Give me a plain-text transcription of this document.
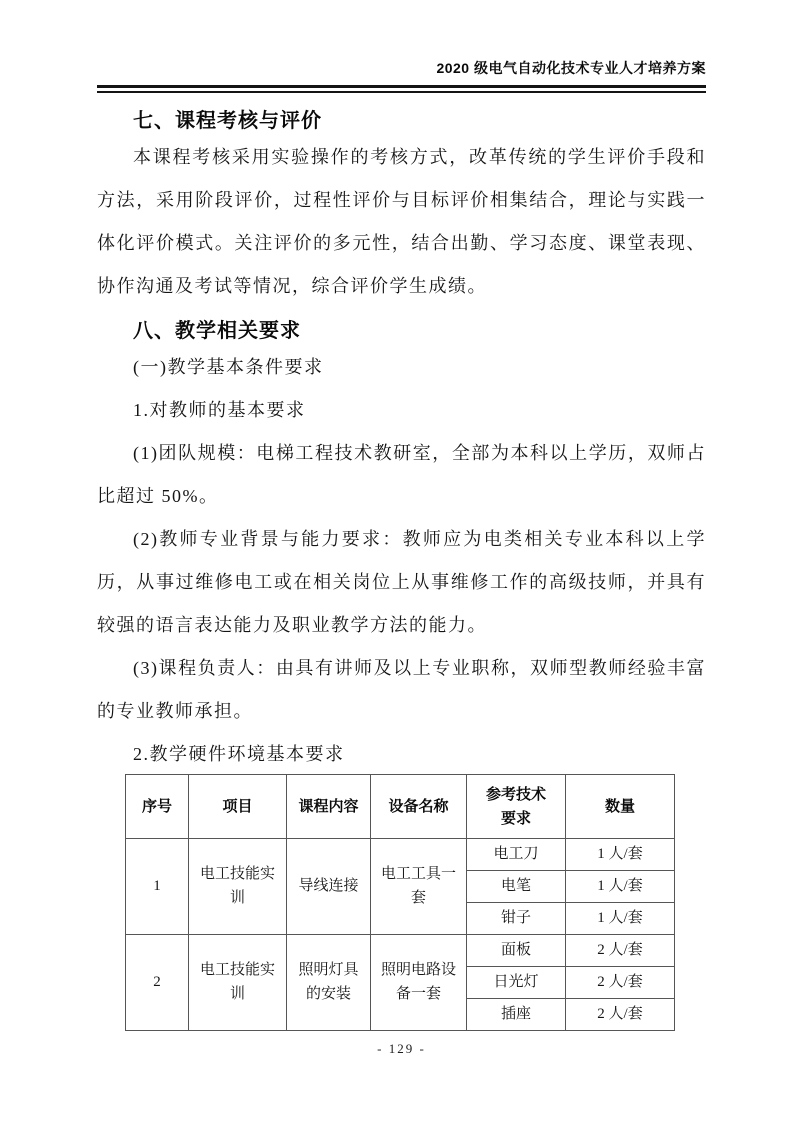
2020 级电气自动化技术专业人才培养方案
七、课程考核与评价

本课程考核采用实验操作的考核方式，改革传统的学生评价手段和方法，采用阶段评价，过程性评价与目标评价相集结合，理论与实践一体化评价模式。关注评价的多元性，结合出勤、学习态度、课堂表现、协作沟通及考试等情况，综合评价学生成绩。

八、教学相关要求

(一)教学基本条件要求

1.对教师的基本要求

(1)团队规模：电梯工程技术教研室，全部为本科以上学历，双师占比超过 50%。

(2)教师专业背景与能力要求：教师应为电类相关专业本科以上学历，从事过维修电工或在相关岗位上从事维修工作的高级技师，并具有较强的语言表达能力及职业教学方法的能力。

(3)课程负责人：由具有讲师及以上专业职称，双师型教师经验丰富的专业教师承担。

2.教学硬件环境基本要求

序号	项目	课程内容	设备名称	参考技术要求	数量
1	电工技能实训	导线连接	电工工具一套	电工刀	1 人/套
				电笔	1 人/套
				钳子	1 人/套
2	电工技能实训	照明灯具的安装	照明电路设备一套	面板	2 人/套
				日光灯	2 人/套
				插座	2 人/套
- 129 -
